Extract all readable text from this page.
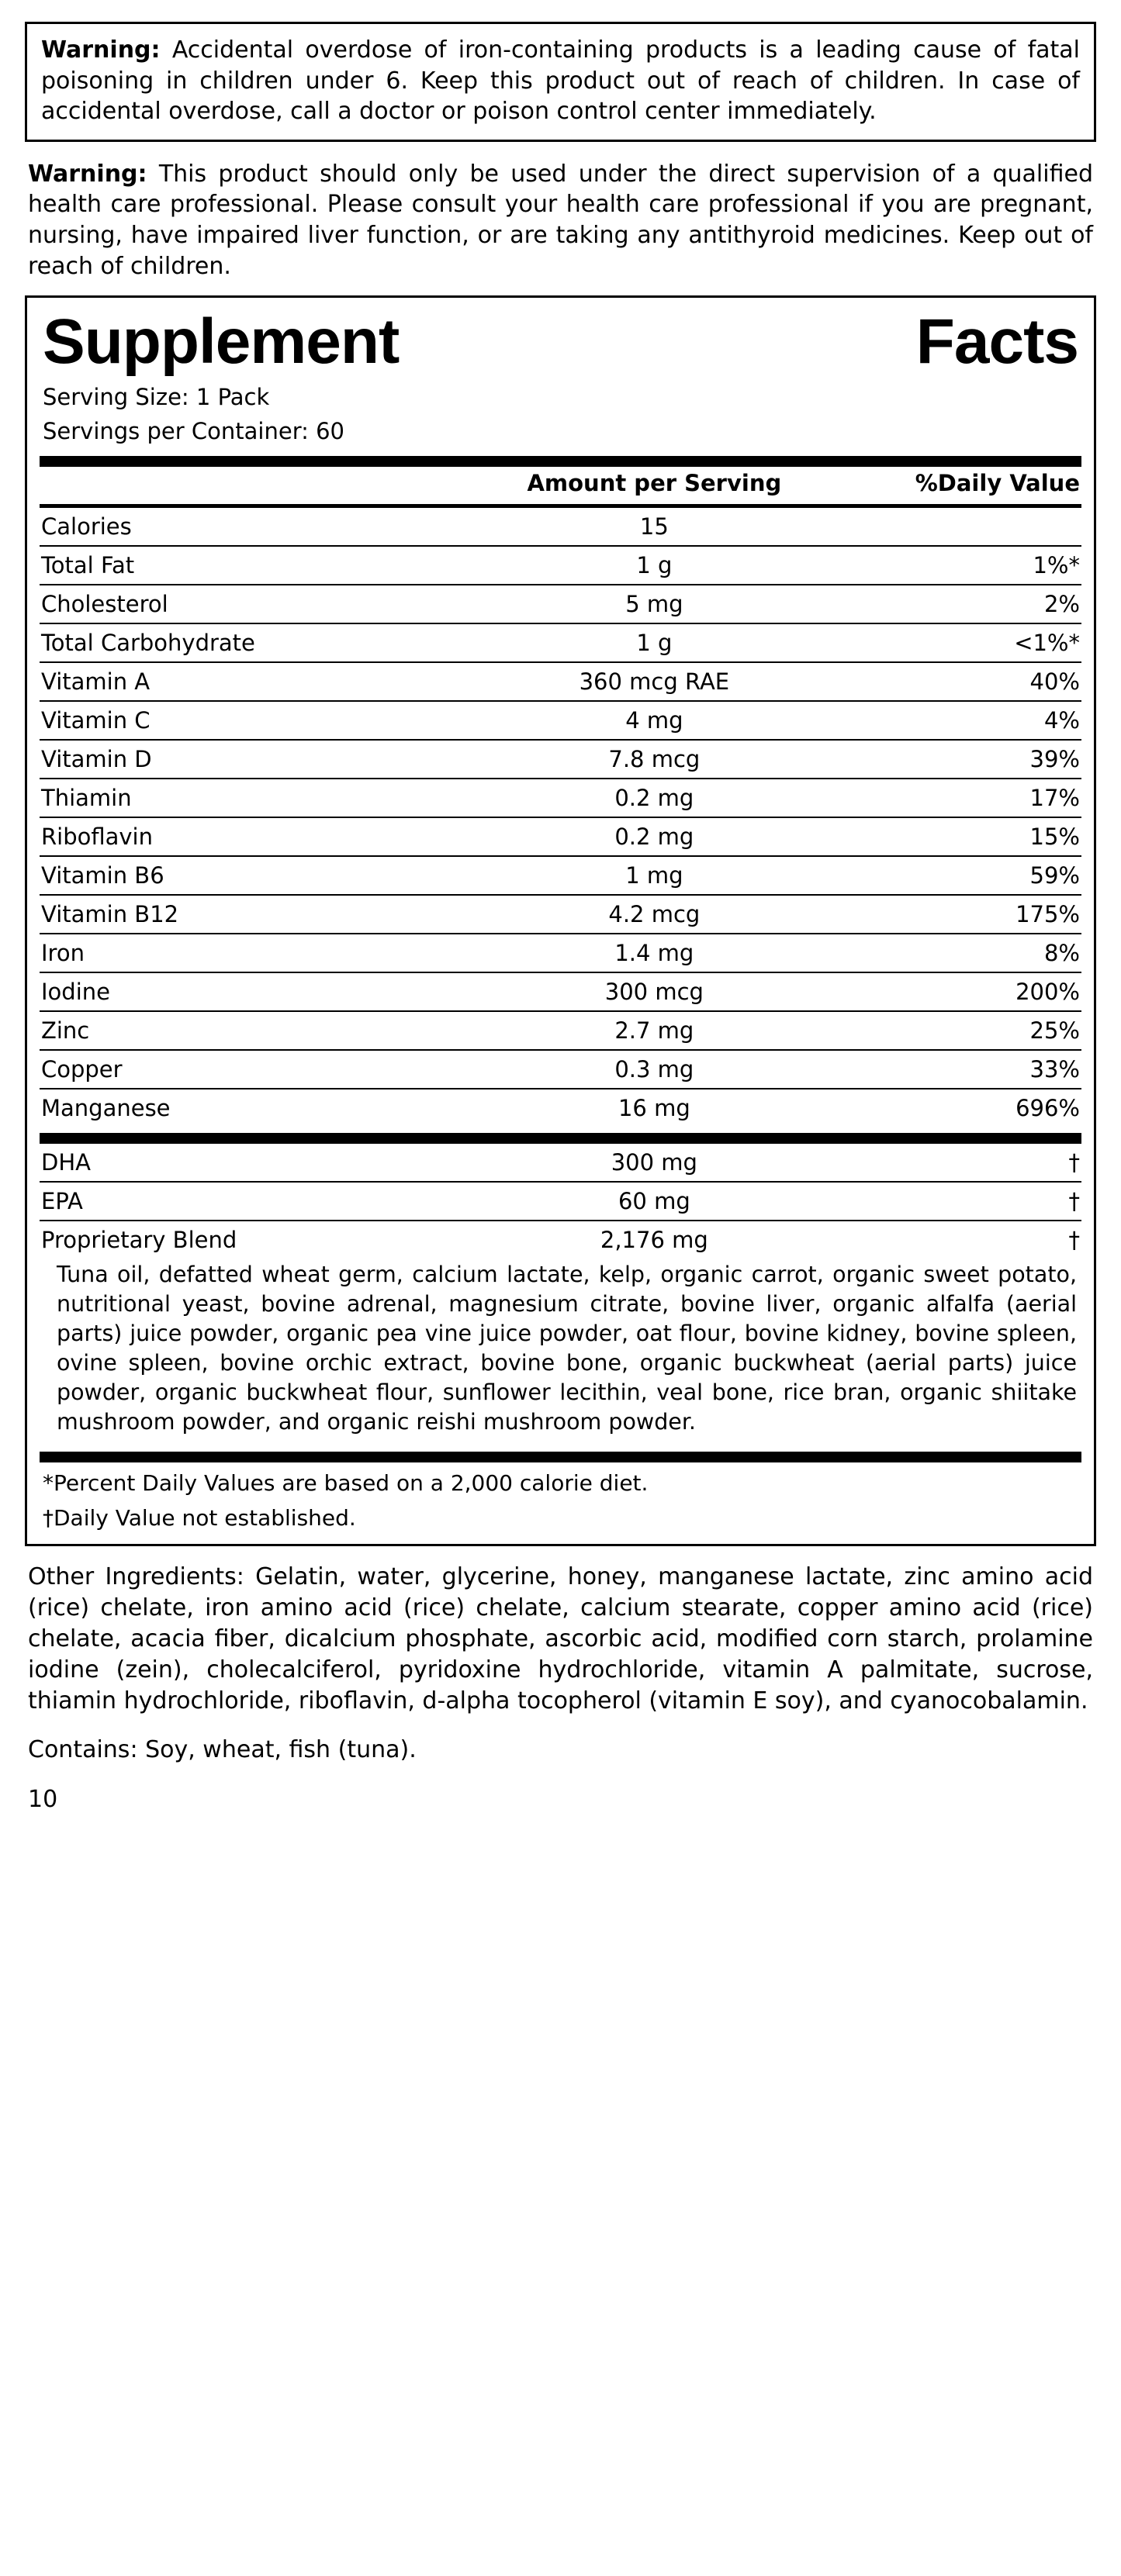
Warning: Accidental overdose of iron-containing products is a leading cause of fatal poisoning in children under 6. Keep this product out of reach of children. In case of accidental overdose, call a doctor or poison control center immediately.

Warning: This product should only be used under the direct supervision of a qualified health care professional. Please consult your health care professional if you are pregnant, nursing, have impaired liver function, or are taking any antithyroid medicines. Keep out of reach of children.

Supplement	Facts
Serving Size: 1 Pack
Servings per Container: 60
	Amount per Serving	%Daily Value
Calories	15	
Total Fat	1 g	1%*
Cholesterol	5 mg	2%
Total Carbohydrate	1 g	<1%*
Vitamin A	360 mcg RAE	40%
Vitamin C	4 mg	4%
Vitamin D	7.8 mcg	39%
Thiamin	0.2 mg	17%
Riboflavin	0.2 mg	15%
Vitamin B6	1 mg	59%
Vitamin B12	4.2 mcg	175%
Iron	1.4 mg	8%
Iodine	300 mcg	200%
Zinc	2.7 mg	25%
Copper	0.3 mg	33%
Manganese	16 mg	696%
DHA	300 mg	†
EPA	60 mg	†
Proprietary Blend	2,176 mg	†
Tuna oil, defatted wheat germ, calcium lactate, kelp, organic carrot, organic sweet potato, nutritional yeast, bovine adrenal, magnesium citrate, bovine liver, organic alfalfa (aerial parts) juice powder, organic pea vine juice powder, oat flour, bovine kidney, bovine spleen, ovine spleen, bovine orchic extract, bovine bone, organic buckwheat (aerial parts) juice powder, organic buckwheat flour, sunflower lecithin, veal bone, rice bran, organic shiitake mushroom powder, and organic reishi mushroom powder.
*Percent Daily Values are based on a 2,000 calorie diet.
†Daily Value not established.

Other Ingredients: Gelatin, water, glycerine, honey, manganese lactate, zinc amino acid (rice) chelate, iron amino acid (rice) chelate, calcium stearate, copper amino acid (rice) chelate, acacia fiber, dicalcium phosphate, ascorbic acid, modified corn starch, prolamine iodine (zein), cholecalciferol, pyridoxine hydrochloride, vitamin A palmitate, sucrose, thiamin hydrochloride, riboflavin, d-alpha tocopherol (vitamin E soy), and cyanocobalamin.

Contains: Soy, wheat, fish (tuna).

10
